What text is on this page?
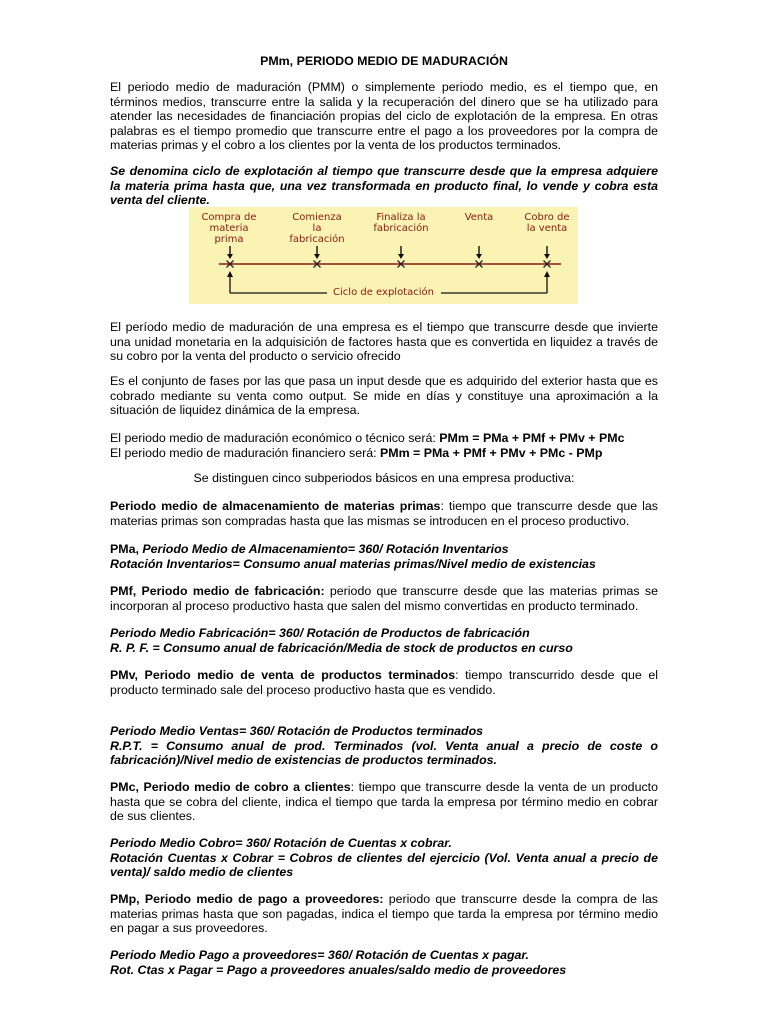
PMm, PERIODO MEDIO DE MADURACIÓN

El periodo medio de maduración (PMM) o simplemente periodo medio, es el tiempo que, en términos medios, transcurre entre la salida y la recuperación del dinero que se ha utilizado para atender las necesidades de financiación propias del ciclo de explotación de la empresa. En otras palabras es el tiempo promedio que transcurre entre el pago a los proveedores por la compra de materias primas y el cobro a los clientes por la venta de los productos terminados.

Se denomina ciclo de explotación al tiempo que transcurre desde que la empresa adquiere la materia prima hasta que, una vez transformada en producto final, lo vende y cobra esta venta del cliente.

Compra de
materia
prima
Comienza
la
fabricación
Finaliza la
fabricación
Venta	Cobro de
la venta
Ciclo de explotación

El período medio de maduración de una empresa es el tiempo que transcurre desde que invierte una unidad monetaria en la adquisición de factores hasta que es convertida en liquidez a través de su cobro por la venta del producto o servicio ofrecido

Es el conjunto de fases por las que pasa un input desde que es adquirido del exterior hasta que es cobrado mediante su venta como output. Se mide en días y constituye una aproximación a la situación de liquidez dinámica de la empresa.

El periodo medio de maduración económico o técnico será: PMm = PMa + PMf + PMv + PMc
El periodo medio de maduración financiero será: PMm = PMa + PMf + PMv + PMc - PMp

Se distinguen cinco subperiodos básicos en una empresa productiva:

Periodo medio de almacenamiento de materias primas: tiempo que transcurre desde que las materias primas son compradas hasta que las mismas se introducen en el proceso productivo.

PMa, Periodo Medio de Almacenamiento= 360/ Rotación Inventarios
Rotación Inventarios= Consumo anual materias primas/Nivel medio de existencias

PMf, Periodo medio de fabricación: periodo que transcurre desde que las materias primas se incorporan al proceso productivo hasta que salen del mismo convertidas en producto terminado.

Periodo Medio Fabricación= 360/ Rotación de Productos de fabricación
R. P. F. = Consumo anual de fabricación/Media de stock de productos en curso

PMv, Periodo medio de venta de productos terminados: tiempo transcurrido desde que el producto terminado sale del proceso productivo hasta que es vendido.

Periodo Medio Ventas= 360/ Rotación de Productos terminados
R.P.T. = Consumo anual de prod. Terminados (vol. Venta anual a precio de coste o fabricación)/Nivel medio de existencias de productos terminados.

PMc, Periodo medio de cobro a clientes: tiempo que transcurre desde la venta de un producto hasta que se cobra del cliente, indica el tiempo que tarda la empresa por término medio en cobrar de sus clientes.

Periodo Medio Cobro= 360/ Rotación de Cuentas x cobrar.
Rotación Cuentas x Cobrar = Cobros de clientes del ejercicio (Vol. Venta anual a precio de venta)/ saldo medio de clientes

PMp, Periodo medio de pago a proveedores: periodo que transcurre desde la compra de las materias primas hasta que son pagadas, indica el tiempo que tarda la empresa por término medio en pagar a sus proveedores.

Periodo Medio Pago a proveedores= 360/ Rotación de Cuentas x pagar.
Rot. Ctas x Pagar = Pago a proveedores anuales/saldo medio de proveedores
